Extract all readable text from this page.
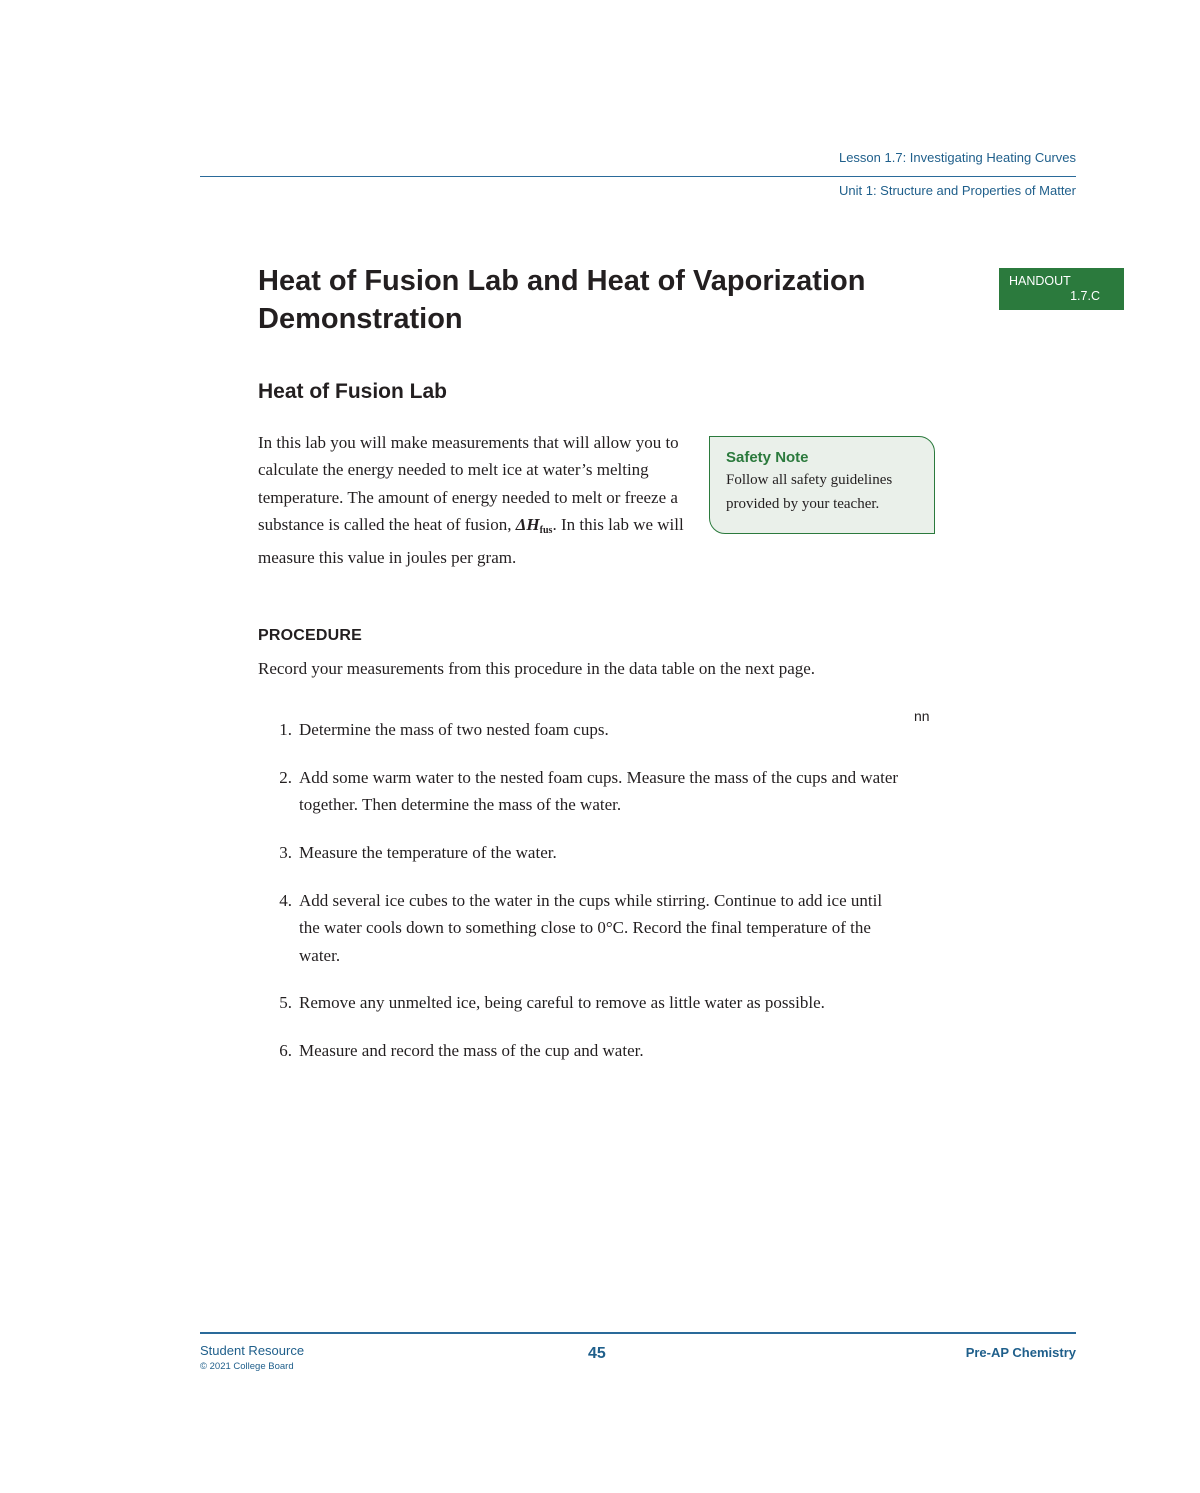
Lesson 1.7: Investigating Heating Curves
Unit 1: Structure and Properties of Matter
Heat of Fusion Lab and Heat of Vaporization Demonstration
HANDOUT
1.7.C
Heat of Fusion Lab

In this lab you will make measurements that will allow you to calculate the energy needed to melt ice at water’s melting temperature. The amount of energy needed to melt or freeze a substance is called the heat of fusion, $\Delta H_{fus}$. In this lab we will measure this value in joules per gram.

Safety Note
Follow all safety guidelines provided by your teacher.
PROCEDURE
Record your measurements from this procedure in the data table on the next page.
nn
1. Determine the mass of two nested foam cups.
2. Add some warm water to the nested foam cups. Measure the mass of the cups and water together. Then determine the mass of the water.
3. Measure the temperature of the water.
4. Add several ice cubes to the water in the cups while stirring. Continue to add ice until the water cools down to something close to 0°C. Record the final temperature of the water.
5. Remove any unmelted ice, being careful to remove as little water as possible.
6. Measure and record the mass of the cup and water.
Student Resource
© 2021 College Board
45	Pre-AP Chemistry
